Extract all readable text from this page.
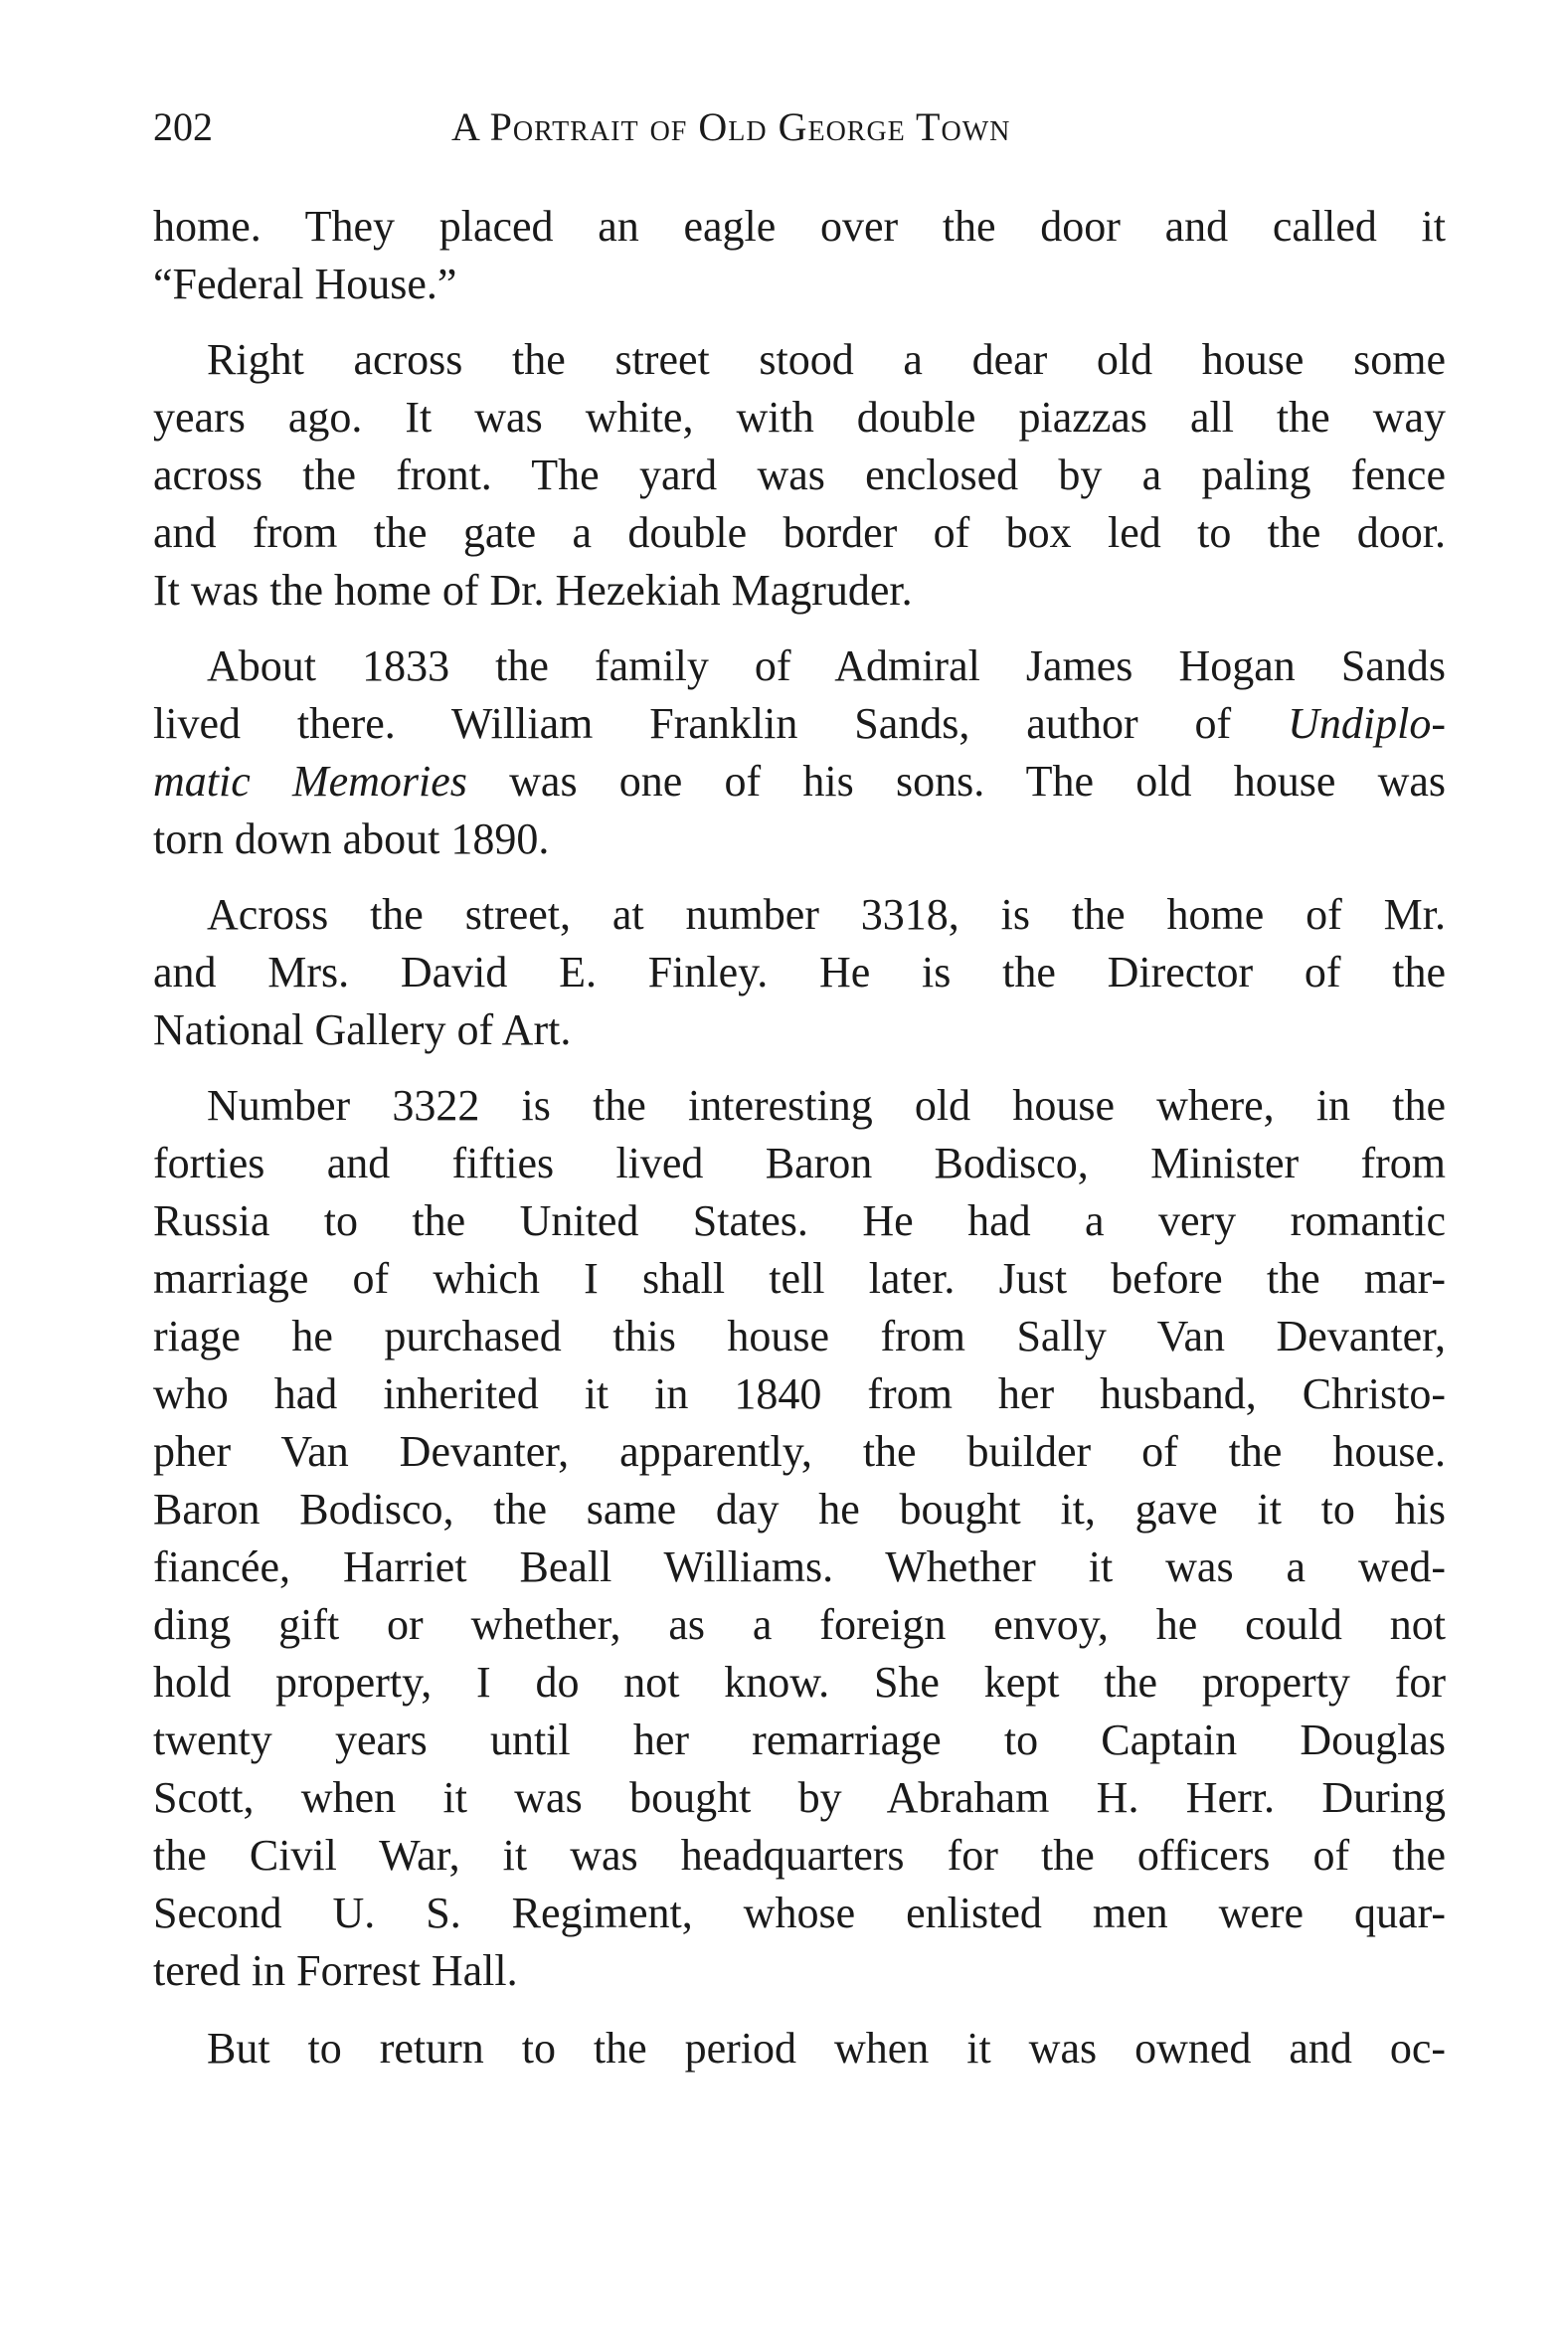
202	A Portrait of Old George Town
home. They placed an eagle over the door and called it
“Federal House.”
Right across the street stood a dear old house some
years ago. It was white, with double piazzas all the way
across the front. The yard was enclosed by a paling fence
and from the gate a double border of box led to the door.
It was the home of Dr. Hezekiah Magruder.
About 1833 the family of Admiral James Hogan Sands
lived there. William Franklin Sands, author of Undiplo-
matic Memories was one of his sons. The old house was
torn down about 1890.
Across the street, at number 3318, is the home of Mr.
and Mrs. David E. Finley. He is the Director of the
National Gallery of Art.
Number 3322 is the interesting old house where, in the
forties and fifties lived Baron Bodisco, Minister from
Russia to the United States. He had a very romantic
marriage of which I shall tell later. Just before the mar-
riage he purchased this house from Sally Van Devanter,
who had inherited it in 1840 from her husband, Christo-
pher Van Devanter, apparently, the builder of the house.
Baron Bodisco, the same day he bought it, gave it to his
fiancée, Harriet Beall Williams. Whether it was a wed-
ding gift or whether, as a foreign envoy, he could not
hold property, I do not know. She kept the property for
twenty years until her remarriage to Captain Douglas
Scott, when it was bought by Abraham H. Herr. During
the Civil War, it was headquarters for the officers of the
Second U. S. Regiment, whose enlisted men were quar-
tered in Forrest Hall.
But to return to the period when it was owned and oc-
